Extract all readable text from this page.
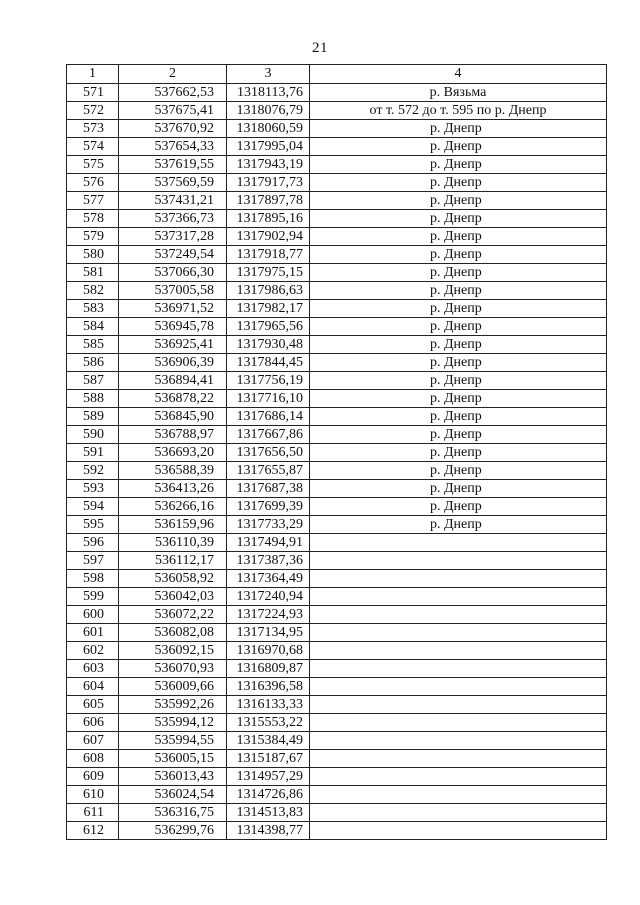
21
1	2	3	4
571	537662,53	1318113,76	р. Вязьма
572	537675,41	1318076,79	от т. 572 до т. 595 по р. Днепр
573	537670,92	1318060,59	р. Днепр
574	537654,33	1317995,04	р. Днепр
575	537619,55	1317943,19	р. Днепр
576	537569,59	1317917,73	р. Днепр
577	537431,21	1317897,78	р. Днепр
578	537366,73	1317895,16	р. Днепр
579	537317,28	1317902,94	р. Днепр
580	537249,54	1317918,77	р. Днепр
581	537066,30	1317975,15	р. Днепр
582	537005,58	1317986,63	р. Днепр
583	536971,52	1317982,17	р. Днепр
584	536945,78	1317965,56	р. Днепр
585	536925,41	1317930,48	р. Днепр
586	536906,39	1317844,45	р. Днепр
587	536894,41	1317756,19	р. Днепр
588	536878,22	1317716,10	р. Днепр
589	536845,90	1317686,14	р. Днепр
590	536788,97	1317667,86	р. Днепр
591	536693,20	1317656,50	р. Днепр
592	536588,39	1317655,87	р. Днепр
593	536413,26	1317687,38	р. Днепр
594	536266,16	1317699,39	р. Днепр
595	536159,96	1317733,29	р. Днепр
596	536110,39	1317494,91	
597	536112,17	1317387,36	
598	536058,92	1317364,49	
599	536042,03	1317240,94	
600	536072,22	1317224,93	
601	536082,08	1317134,95	
602	536092,15	1316970,68	
603	536070,93	1316809,87	
604	536009,66	1316396,58	
605	535992,26	1316133,33	
606	535994,12	1315553,22	
607	535994,55	1315384,49	
608	536005,15	1315187,67	
609	536013,43	1314957,29	
610	536024,54	1314726,86	
611	536316,75	1314513,83	
612	536299,76	1314398,77	
